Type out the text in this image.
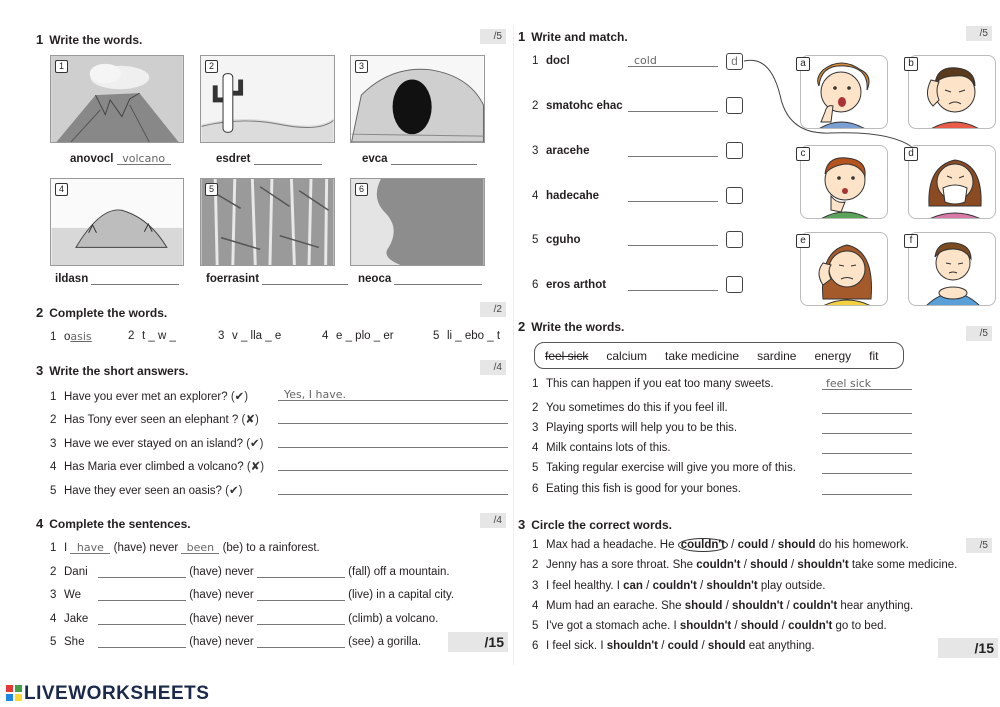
1 Write the words.	/5
1
anovocl volcano
2
esdret
3
evca
4
ildasn
5
foerrasint
6
neoca
2 Complete the words.	/2
1 oasis	2 t _ w _	3 v _ lla _ e	4 e _ plo _ er	5 li _ ebo _ t
3 Write the short answers.	/4
1 Have you ever met an explorer? (✔)	Yes, I have.
2 Has Tony ever seen an elephant ? (✘)
3 Have we ever stayed on an island? (✔)
4 Has Maria ever climbed a volcano? (✘)
5 Have they ever seen an oasis? (✔)
4 Complete the sentences.	/4
1 I have (have) never been (be) to a rainforest.
2 Dani	(have) never	(fall) off a mountain.
3 We	(have) never	(live) in a capital city.
4 Jake	(have) never	(climb) a volcano.
5 She	(have) never	(see) a gorilla.	/15
1 Write and match.	/5
1 docl	cold	d
2 smatohc ehac
3 aracehe
4 hadecahe
5 cguho
6 eros arthot
a	b
c	d
e	f
2 Write the words.	/5
feel sick calcium take medicine sardine energy fit
1 This can happen if you eat too many sweets.	feel sick
2 You sometimes do this if you feel ill.
3 Playing sports will help you to be this.
4 Milk contains lots of this.
5 Taking regular exercise will give you more of this.
6 Eating this fish is good for your bones.
3 Circle the correct words.
/5
1 Max had a headache. He couldn't / could / should do his homework.
2 Jenny has a sore throat. She couldn't / should / shouldn't take some medicine.
3 I feel healthy. I can / couldn't / shouldn't play outside.
4 Mum had an earache. She should / shouldn't / couldn't hear anything.
5 I've got a stomach ache. I shouldn't / should / couldn't go to bed.
6 I feel sick. I shouldn't / could / should eat anything.	/15
LIVEWORKSHEETS
